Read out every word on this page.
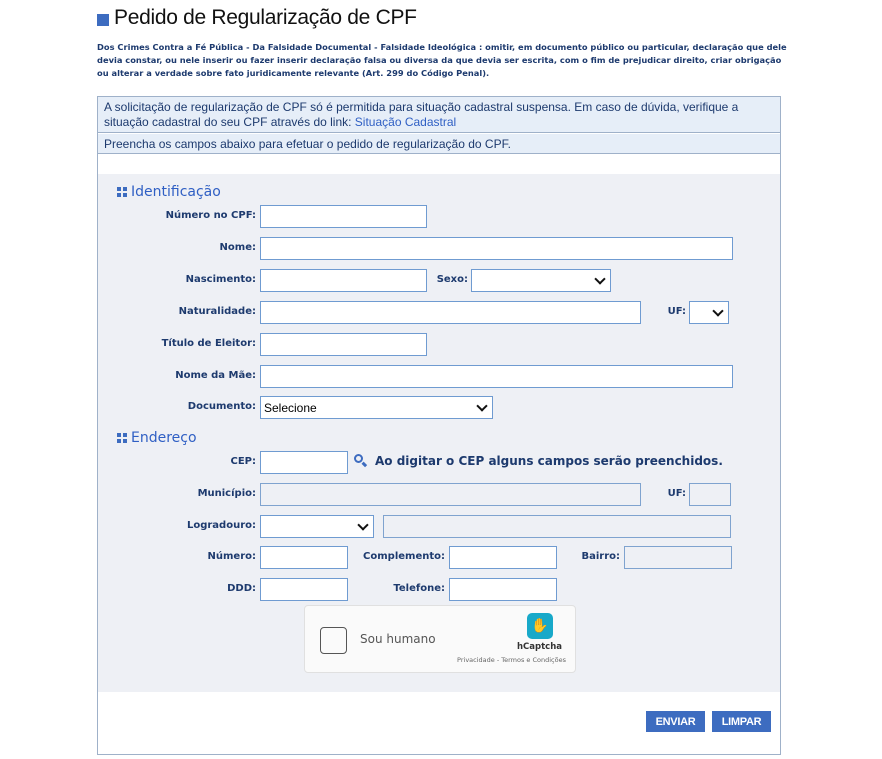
Pedido de Regularização de CPF
Dos Crimes Contra a Fé Pública - Da Falsidade Documental - Falsidade Ideológica : omitir, em documento público ou particular, declaração que dele devia constar, ou nele inserir ou fazer inserir declaração falsa ou diversa da que devia ser escrita, com o fim de prejudicar direito, criar obrigação ou alterar a verdade sobre fato juridicamente relevante (Art. 299 do Código Penal).
A solicitação de regularização de CPF só é permitida para situação cadastral suspensa. Em caso de dúvida, verifique a situação cadastral do seu CPF através do link: Situação Cadastral
Preencha os campos abaixo para efetuar o pedido de regularização do CPF.
Identificação
Número no CPF:
Nome:
Nascimento:	Sexo:
Naturalidade:	UF:
Título de Eleitor:
Nome da Mãe:
Documento: Selecione
Endereço
CEP:	Ao digitar o CEP alguns campos serão preenchidos.
Município:	UF:
Logradouro:
Número:	Complemento:	Bairro:
DDD:	Telefone:
Sou humano
✋
hCaptcha
Privacidade - Termos e Condições
ENVIAR	LIMPAR
